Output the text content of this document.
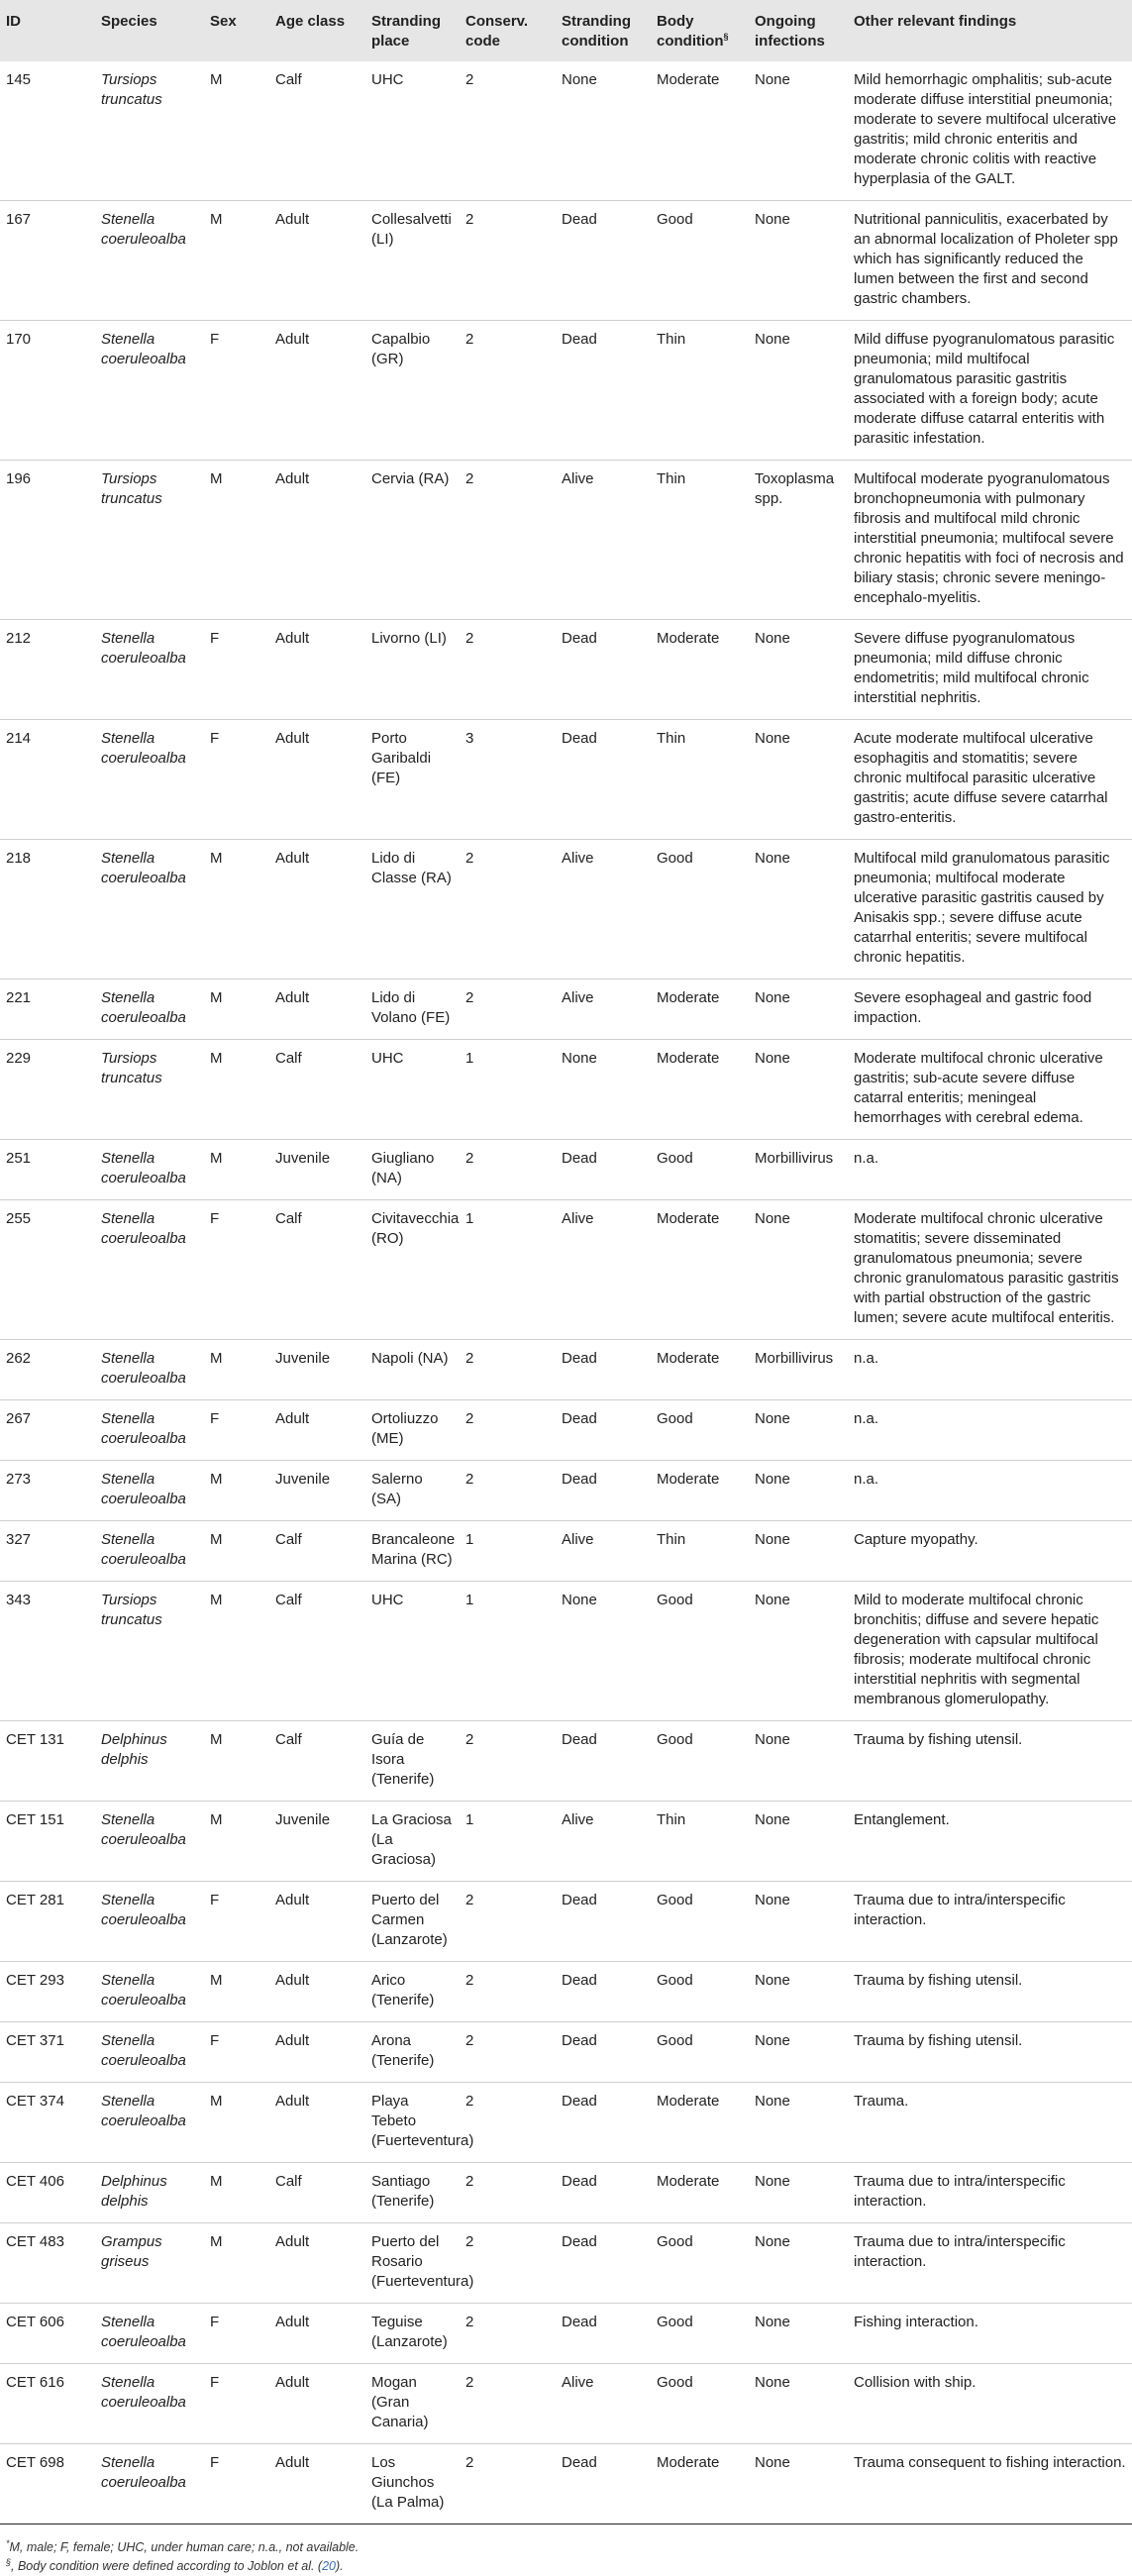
ID	Species	Sex	Age class	Stranding place	Conserv. code	Stranding condition	Body condition§	Ongoing infections	Other relevant findings
145	Tursiops truncatus	M	Calf	UHC	2	None	Moderate	None	Mild hemorrhagic omphalitis; sub-acute moderate diffuse interstitial pneumonia; moderate to severe multifocal ulcerative gastritis; mild chronic enteritis and moderate chronic colitis with reactive hyperplasia of the GALT.
167	Stenella coeruleoalba	M	Adult	Collesalvetti (LI)	2	Dead	Good	None	Nutritional panniculitis, exacerbated by an abnormal localization of Pholeter spp which has significantly reduced the lumen between the first and second gastric chambers.
170	Stenella coeruleoalba	F	Adult	Capalbio (GR)	2	Dead	Thin	None	Mild diffuse pyogranulomatous parasitic pneumonia; mild multifocal granulomatous parasitic gastritis associated with a foreign body; acute moderate diffuse catarral enteritis with parasitic infestation.
196	Tursiops truncatus	M	Adult	Cervia (RA)	2	Alive	Thin	Toxoplasma spp.	Multifocal moderate pyogranulomatous bronchopneumonia with pulmonary fibrosis and multifocal mild chronic interstitial pneumonia; multifocal severe chronic hepatitis with foci of necrosis and biliary stasis; chronic severe meningo-encephalo-myelitis.
212	Stenella coeruleoalba	F	Adult	Livorno (LI)	2	Dead	Moderate	None	Severe diffuse pyogranulomatous pneumonia; mild diffuse chronic endometritis; mild multifocal chronic interstitial nephritis.
214	Stenella coeruleoalba	F	Adult	Porto Garibaldi (FE)	3	Dead	Thin	None	Acute moderate multifocal ulcerative esophagitis and stomatitis; severe chronic multifocal parasitic ulcerative gastritis; acute diffuse severe catarrhal gastro-enteritis.
218	Stenella coeruleoalba	M	Adult	Lido di Classe (RA)	2	Alive	Good	None	Multifocal mild granulomatous parasitic pneumonia; multifocal moderate ulcerative parasitic gastritis caused by Anisakis spp.; severe diffuse acute catarrhal enteritis; severe multifocal chronic hepatitis.
221	Stenella coeruleoalba	M	Adult	Lido di Volano (FE)	2	Alive	Moderate	None	Severe esophageal and gastric food impaction.
229	Tursiops truncatus	M	Calf	UHC	1	None	Moderate	None	Moderate multifocal chronic ulcerative gastritis; sub-acute severe diffuse catarral enteritis; meningeal hemorrhages with cerebral edema.
251	Stenella coeruleoalba	M	Juvenile	Giugliano (NA)	2	Dead	Good	Morbillivirus	n.a.
255	Stenella coeruleoalba	F	Calf	Civitavecchia (RO)	1	Alive	Moderate	None	Moderate multifocal chronic ulcerative stomatitis; severe disseminated granulomatous pneumonia; severe chronic granulomatous parasitic gastritis with partial obstruction of the gastric lumen; severe acute multifocal enteritis.
262	Stenella coeruleoalba	M	Juvenile	Napoli (NA)	2	Dead	Moderate	Morbillivirus	n.a.
267	Stenella coeruleoalba	F	Adult	Ortoliuzzo (ME)	2	Dead	Good	None	n.a.
273	Stenella coeruleoalba	M	Juvenile	Salerno (SA)	2	Dead	Moderate	None	n.a.
327	Stenella coeruleoalba	M	Calf	Brancaleone Marina (RC)	1	Alive	Thin	None	Capture myopathy.
343	Tursiops truncatus	M	Calf	UHC	1	None	Good	None	Mild to moderate multifocal chronic bronchitis; diffuse and severe hepatic degeneration with capsular multifocal fibrosis; moderate multifocal chronic interstitial nephritis with segmental membranous glomerulopathy.
CET 131	Delphinus delphis	M	Calf	Guía de Isora (Tenerife)	2	Dead	Good	None	Trauma by fishing utensil.
CET 151	Stenella coeruleoalba	M	Juvenile	La Graciosa (La Graciosa)	1	Alive	Thin	None	Entanglement.
CET 281	Stenella coeruleoalba	F	Adult	Puerto del Carmen (Lanzarote)	2	Dead	Good	None	Trauma due to intra/interspecific interaction.
CET 293	Stenella coeruleoalba	M	Adult	Arico (Tenerife)	2	Dead	Good	None	Trauma by fishing utensil.
CET 371	Stenella coeruleoalba	F	Adult	Arona (Tenerife)	2	Dead	Good	None	Trauma by fishing utensil.
CET 374	Stenella coeruleoalba	M	Adult	Playa Tebeto (Fuerteventura)	2	Dead	Moderate	None	Trauma.
CET 406	Delphinus delphis	M	Calf	Santiago (Tenerife)	2	Dead	Moderate	None	Trauma due to intra/interspecific interaction.
CET 483	Grampus griseus	M	Adult	Puerto del Rosario (Fuerteventura)	2	Dead	Good	None	Trauma due to intra/interspecific interaction.
CET 606	Stenella coeruleoalba	F	Adult	Teguise (Lanzarote)	2	Dead	Good	None	Fishing interaction.
CET 616	Stenella coeruleoalba	F	Adult	Mogan (Gran Canaria)	2	Alive	Good	None	Collision with ship.
CET 698	Stenella coeruleoalba	F	Adult	Los Giunchos (La Palma)	2	Dead	Moderate	None	Trauma consequent to fishing interaction.

*M, male; F, female; UHC, under human care; n.a., not available.

§, Body condition were defined according to Joblon et al. (20).
